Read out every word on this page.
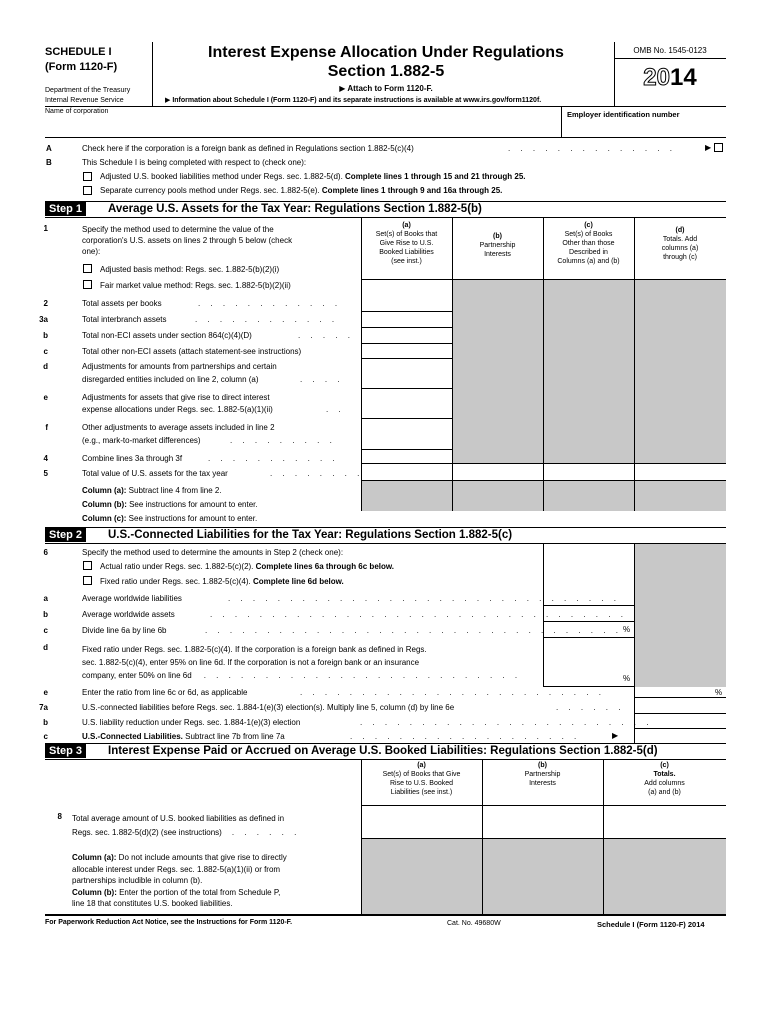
SCHEDULE I
(Form 1120-F)
Department of the Treasury
Internal Revenue Service
Interest Expense Allocation Under Regulations
Section 1.882-5
▶ Attach to Form 1120-F.
▶ Information about Schedule I (Form 1120-F) and its separate instructions is available at www.irs.gov/form1120f.
OMB No. 1545-0123
2014
Name of corporation	Employer identification number
A	Check here if the corporation is a foreign bank as defined in Regulations section 1.882-5(c)(4)	. . . . . . . . . . . . . .	▶
B	This Schedule I is being completed with respect to (check one):
Adjusted U.S. booked liabilities method under Regs. sec. 1.882-5(d). Complete lines 1 through 15 and 21 through 25.
Separate currency pools method under Regs. sec. 1.882-5(e). Complete lines 1 through 9 and 16a through 25.
Step 1	Average U.S. Assets for the Tax Year: Regulations Section 1.882-5(b)
(a)
Set(s) of Books that
Give Rise to U.S.
Booked Liabilities
(see inst.)
(b)
Partnership
Interests
(c)
Set(s) of Books
Other than those
Described in
Columns (a) and (b)
(d)
Totals. Add
columns (a)
through (c)
1	Specify the method used to determine the value of the
corporation's U.S. assets on lines 2 through 5 below (check
one):
Adjusted basis method: Regs. sec. 1.882-5(b)(2)(i)
Fair market value method: Regs. sec. 1.882-5(b)(2)(ii)
2	Total assets per books	. . . . . . . . . . . .
3a	Total interbranch assets	. . . . . . . . . . . .
b	Total non-ECI assets under section 864(c)(4)(D)	. . . . .
c	Total other non-ECI assets (attach statement-see instructions)
d	Adjustments for amounts from partnerships and certain
disregarded entities included on line 2, column (a)	. . . .
e	Adjustments for assets that give rise to direct interest
expense allocations under Regs. sec. 1.882-5(a)(1)(ii)	. .
f	Other adjustments to average assets included in line 2
(e.g., mark-to-market differences)	. . . . . . . . .
4	Combine lines 3a through 3f	. . . . . . . . . . .
5	Total value of U.S. assets for the tax year	. . . . . . . .
Column (a): Subtract line 4 from line 2.
Column (b): See instructions for amount to enter.
Column (c): See instructions for amount to enter.
Step 2	U.S.-Connected Liabilities for the Tax Year: Regulations Section 1.882-5(c)
6	Specify the method used to determine the amounts in Step 2 (check one):
Actual ratio under Regs. sec. 1.882-5(c)(2). Complete lines 6a through 6c below.
Fixed ratio under Regs. sec. 1.882-5(c)(4). Complete line 6d below.
%
a	Average worldwide liabilities	. . . . . . . . . . . . . . . . . . . . . . . . . . . . . . . .
b	Average worldwide assets	. . . . . . . . . . . . . . . . . . . . . . . . . . . . . . . . . .
c	Divide line 6a by line 6b	. . . . . . . . . . . . . . . . . . . . . . . . . . . . . . . . . .
d	Fixed ratio under Regs. sec. 1.882-5(c)(4). If the corporation is a foreign bank as defined in Regs.
sec. 1.882-5(c)(4), enter 95% on line 6d. If the corporation is not a foreign bank or an insurance
company, enter 50% on line 6d . . . . . . . . . . . . . . . . . . . . . . . . . .	%
%
e	Enter the ratio from line 6c or 6d, as applicable	. . . . . . . . . . . . . . . . . . . . . . . . .
7a	U.S.-connected liabilities before Regs. sec. 1.884-1(e)(3) election(s). Multiply line 5, column (d) by line 6e	. . . . . .
b	U.S. liability reduction under Regs. sec. 1.884-1(e)(3) election	. . . . . . . . . . . . . . . . . . . . . . . .
c	U.S.-Connected Liabilities. Subtract line 7b from line 7a	. . . . . . . . . . . . . . . . . . .	▶
Step 3	Interest Expense Paid or Accrued on Average U.S. Booked Liabilities: Regulations Section 1.882-5(d)
(a)
Set(s) of Books that Give
Rise to U.S. Booked
Liabilities (see inst.)
(b)
Partnership
Interests
(c)
Totals.
Add columns
(a) and (b)
8 Total average amount of U.S. booked liabilities as defined in
Regs. sec. 1.882-5(d)(2) (see instructions) . . . . . .
Column (a): Do not include amounts that give rise to directly
allocable interest under Regs. sec. 1.882-5(a)(1)(ii) or from
partnerships includible in column (b).
Column (b): Enter the portion of the total from Schedule P,
line 18 that constitutes U.S. booked liabilities.
For Paperwork Reduction Act Notice, see the Instructions for Form 1120-F.	Cat. No. 49680W	Schedule I (Form 1120-F) 2014
